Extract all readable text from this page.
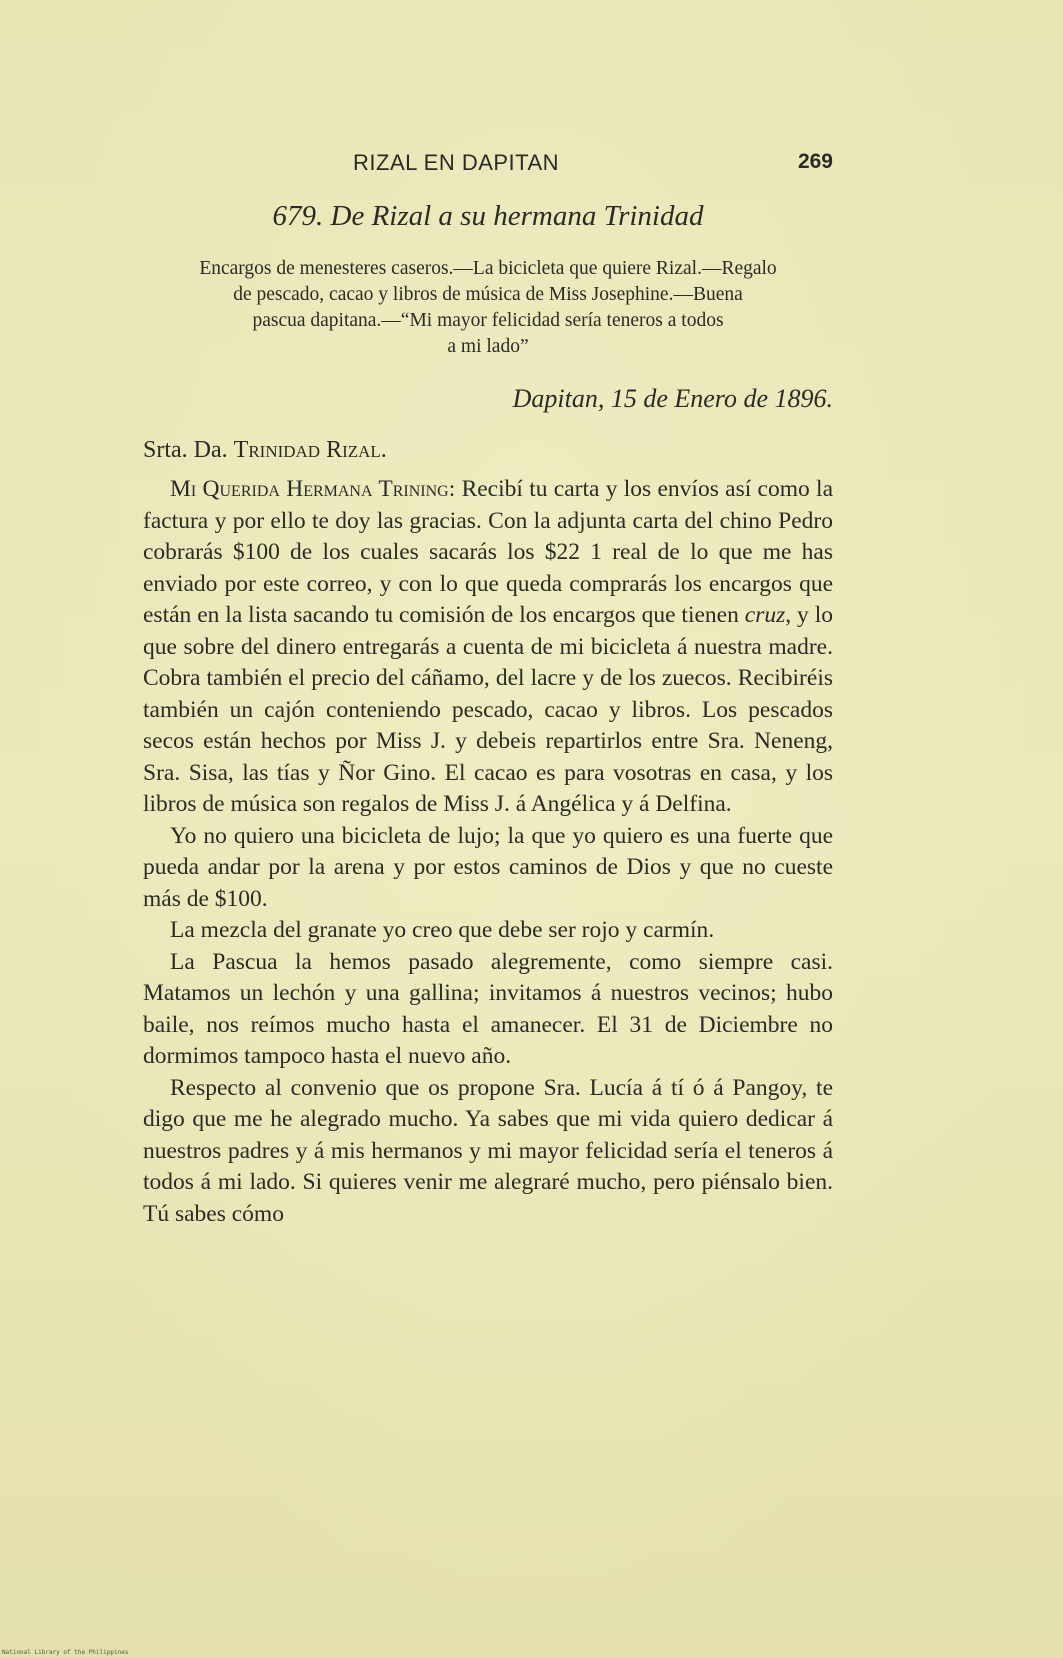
RIZAL EN DAPITAN	269
679. De Rizal a su hermana Trinidad
Encargos de menesteres caseros.—La bicicleta que quiere Rizal.—Regalo
de pescado, cacao y libros de música de Miss Josephine.—Buena
pascua dapitana.—“Mi mayor felicidad sería teneros a todos
a mi lado”
Dapitan, 15 de Enero de 1896.
Srta. Da. Trinidad Rizal.

Mi Querida Hermana Trining: Recibí tu carta y los envíos así como la factura y por ello te doy las gracias. Con la adjunta carta del chino Pedro cobrarás $100 de los cuales sacarás los $22 1 real de lo que me has enviado por este correo, y con lo que queda comprarás los encargos que están en la lista sacando tu comisión de los encargos que tienen cruz, y lo que sobre del dinero entregarás a cuenta de mi bicicleta á nuestra madre. Cobra también el precio del cáñamo, del lacre y de los zuecos. Recibiréis también un cajón conteniendo pescado, cacao y libros. Los pescados secos están hechos por Miss J. y debeis repartirlos entre Sra. Neneng, Sra. Sisa, las tías y Ñor Gino. El cacao es para vosotras en casa, y los libros de música son regalos de Miss J. á Angélica y á Delfina.

Yo no quiero una bicicleta de lujo; la que yo quiero es una fuerte que pueda andar por la arena y por estos caminos de Dios y que no cueste más de $100.

La mezcla del granate yo creo que debe ser rojo y carmín.

La Pascua la hemos pasado alegremente, como siempre casi. Matamos un lechón y una gallina; invitamos á nuestros vecinos; hubo baile, nos reímos mucho hasta el amanecer. El 31 de Diciembre no dormimos tampoco hasta el nuevo año.

Respecto al convenio que os propone Sra. Lucía á tí ó á Pangoy, te digo que me he alegrado mucho. Ya sabes que mi vida quiero dedicar á nuestros padres y á mis hermanos y mi mayor felicidad sería el teneros á todos á mi lado. Si quieres venir me alegraré mucho, pero piénsalo bien. Tú sabes cómo

National Library of the Philippines
